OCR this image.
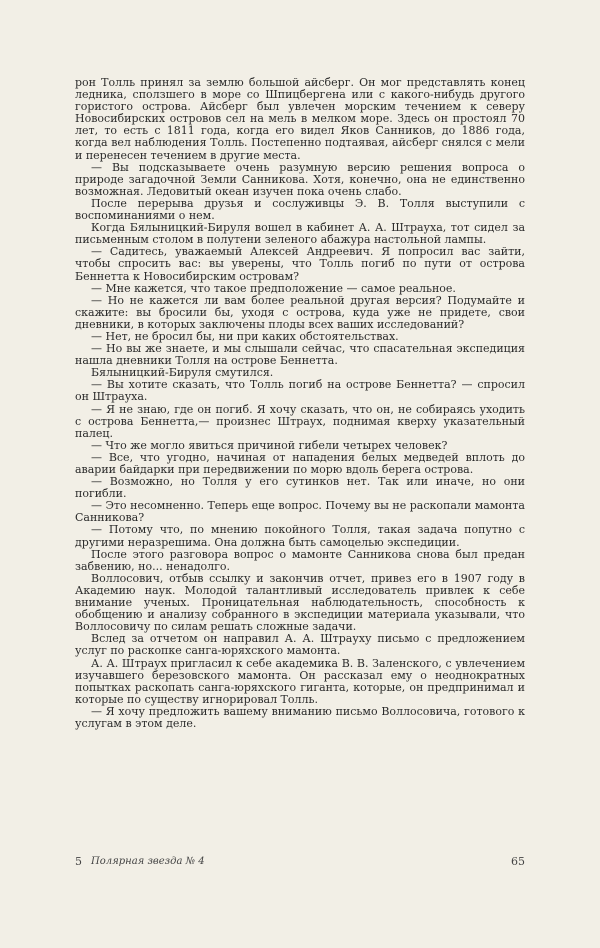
рон Толль принял за землю большой айсберг. Он мог представлять конец ледника, сползшего в море со Шпицбергена или с какого-нибудь другого гористого острова. Айсберг был увлечен морским течением к северу Новосибирских островов сел на мель в мелком море. Здесь он простоял 70 лет, то есть с 1811 года, когда его видел Яков Санников, до 1886 года, когда вел наблюдения Толль. Постепенно подтаявая, айсберг снялся с мели и перенесен течением в другие места.

— Вы подсказываете очень разумную версию решения вопроса о природе загадочной Земли Санникова. Хотя, конечно, она не единственно возможная. Ледовитый океан изучен пока очень слабо.

После перерыва друзья и сослуживцы Э. В. Толля выступили с воспоминаниями о нем.

Когда Бялыницкий-Бируля вошел в кабинет А. А. Штрауха, тот сидел за письменным столом в полутени зеленого абажура настольной лампы.

— Садитесь, уважаемый Алексей Андреевич. Я попросил вас зайти, чтобы спросить вас: вы уверены, что Толль погиб по пути от острова Беннетта к Новосибирским островам?

— Мне кажется, что такое предположение — самое реальное.

— Но не кажется ли вам более реальной другая версия? Подумайте и скажите: вы бросили бы, уходя с острова, куда уже не придете, свои дневники, в которых заключены плоды всех ваших исследований?

— Нет, не бросил бы, ни при каких обстоятельствах.

— Но вы же знаете, и мы слышали сейчас, что спасательная экспедиция нашла дневники Толля на острове Беннетта.

Бялыницкий-Бируля смутился.

— Вы хотите сказать, что Толль погиб на острове Беннетта? — спросил он Штрауха.

— Я не знаю, где он погиб. Я хочу сказать, что он, не собираясь уходить с острова Беннетта,— произнес Штраух, поднимая кверху указательный палец.

— Что же могло явиться причиной гибели четырех человек?

— Все, что угодно, начиная от нападения белых медведей вплоть до аварии байдарки при передвижении по морю вдоль берега острова.

— Возможно, но Толля у его сутинков нет. Так или иначе, но они погибли.

— Это несомненно. Теперь еще вопрос. Почему вы не раскопали мамонта Санникова?

— Потому что, по мнению покойного Толля, такая задача попутно с другими неразрешима. Она должна быть самоцелью экспедиции.

После этого разговора вопрос о мамонте Санникова снова был предан забвению, но... ненадолго.

Воллосович, отбыв ссылку и закончив отчет, привез его в 1907 году в Академию наук. Молодой талантливый исследователь привлек к себе внимание ученых. Проницательная наблюдательность, способность к обобщению и анализу собранного в экспедиции материала указывали, что Воллосовичу по силам решать сложные задачи.

Вслед за отчетом он направил А. А. Штрауху письмо с предложением услуг по раскопке санга-юряхского мамонта.

А. А. Штраух пригласил к себе академика В. В. Заленского, с увлечением изучавшего березовского мамонта. Он рассказал ему о неоднократных попытках раскопать санга-юряхского гиганта, которые, он предпринимал и которые по существу игнорировал Толль.

— Я хочу предложить вашему вниманию письмо Воллосовича, готового к услугам в этом деле.

5 Полярная звезда № 4	65
